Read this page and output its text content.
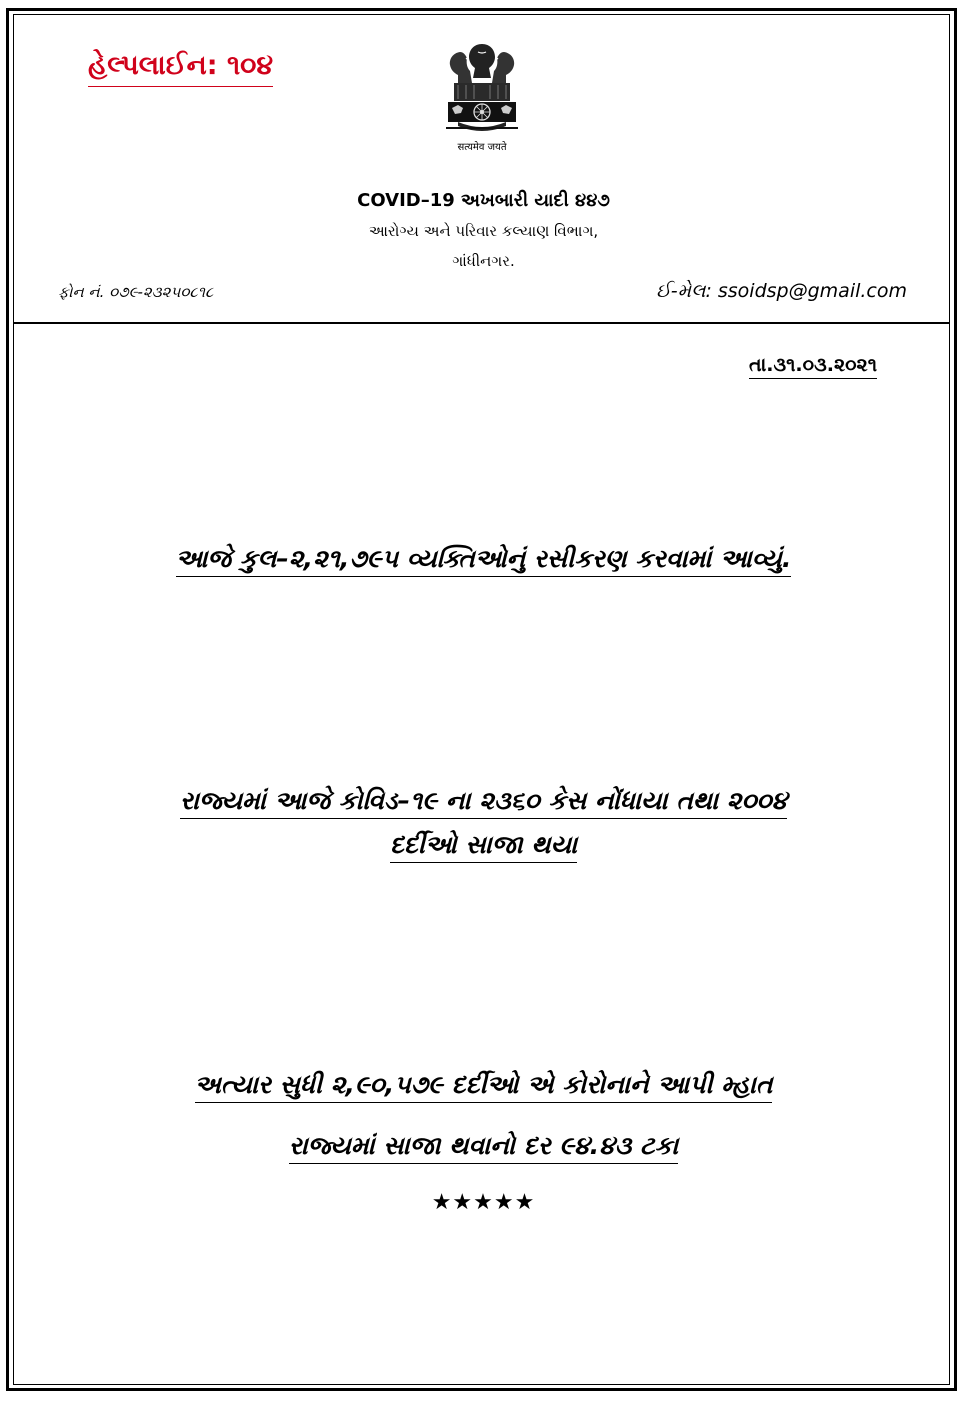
હેલ્પલાઈન: ૧૦૪
सत्यमेव जयते
COVID–19 અખબારી યાદી ૪૪૭
આરોગ્ય અને પરિવાર કલ્યાણ વિભાગ,
ગાંધીનગર.
ફોન નં. ૦૭૯-૨૩૨૫૦૮૧૮	ઈ-મેલ: ssoidsp@gmail.com
તા.૩૧.૦૩.૨૦૨૧
આજે કુલ–૨,૨૧,૭૯૫ વ્યક્તિઓનું રસીકરણ કરવામાં આવ્યું.
રાજ્યમાં આજે કોવિડ–૧૯ ના ૨૩૬૦ કેસ નોંધાયા તથા ૨૦૦૪
દર્દીઓ સાજા થયા
અત્યાર સુધી ૨,૯૦,૫૭૯ દર્દીઓ એ કોરોનાને આપી મ્હાત
રાજ્યમાં સાજા થવાનો દર ૯૪.૪૩ ટકા
★★★★★
